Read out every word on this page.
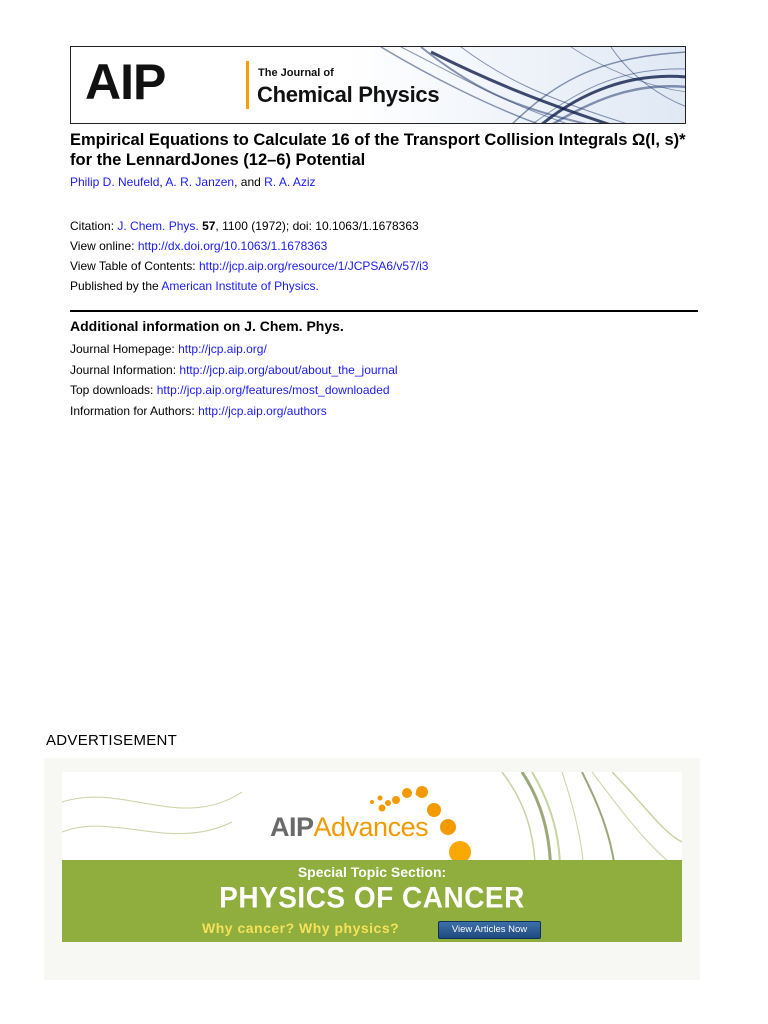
AIP	The Journal of
Chemical Physics
Empirical Equations to Calculate 16 of the Transport Collision Integrals Ω(l, s)* for the LennardJones (12–6) Potential
Philip D. Neufeld, A. R. Janzen, and R. A. Aziz
Citation: J. Chem. Phys. 57, 1100 (1972); doi: 10.1063/1.1678363
View online: http://dx.doi.org/10.1063/1.1678363
View Table of Contents: http://jcp.aip.org/resource/1/JCPSA6/v57/i3
Published by the American Institute of Physics.
Additional information on J. Chem. Phys.
Journal Homepage: http://jcp.aip.org/
Journal Information: http://jcp.aip.org/about/about_the_journal
Top downloads: http://jcp.aip.org/features/most_downloaded
Information for Authors: http://jcp.aip.org/authors
ADVERTISEMENT
AIPAdvances
Special Topic Section:
PHYSICS OF CANCER
Why cancer? Why physics?	View Articles Now
